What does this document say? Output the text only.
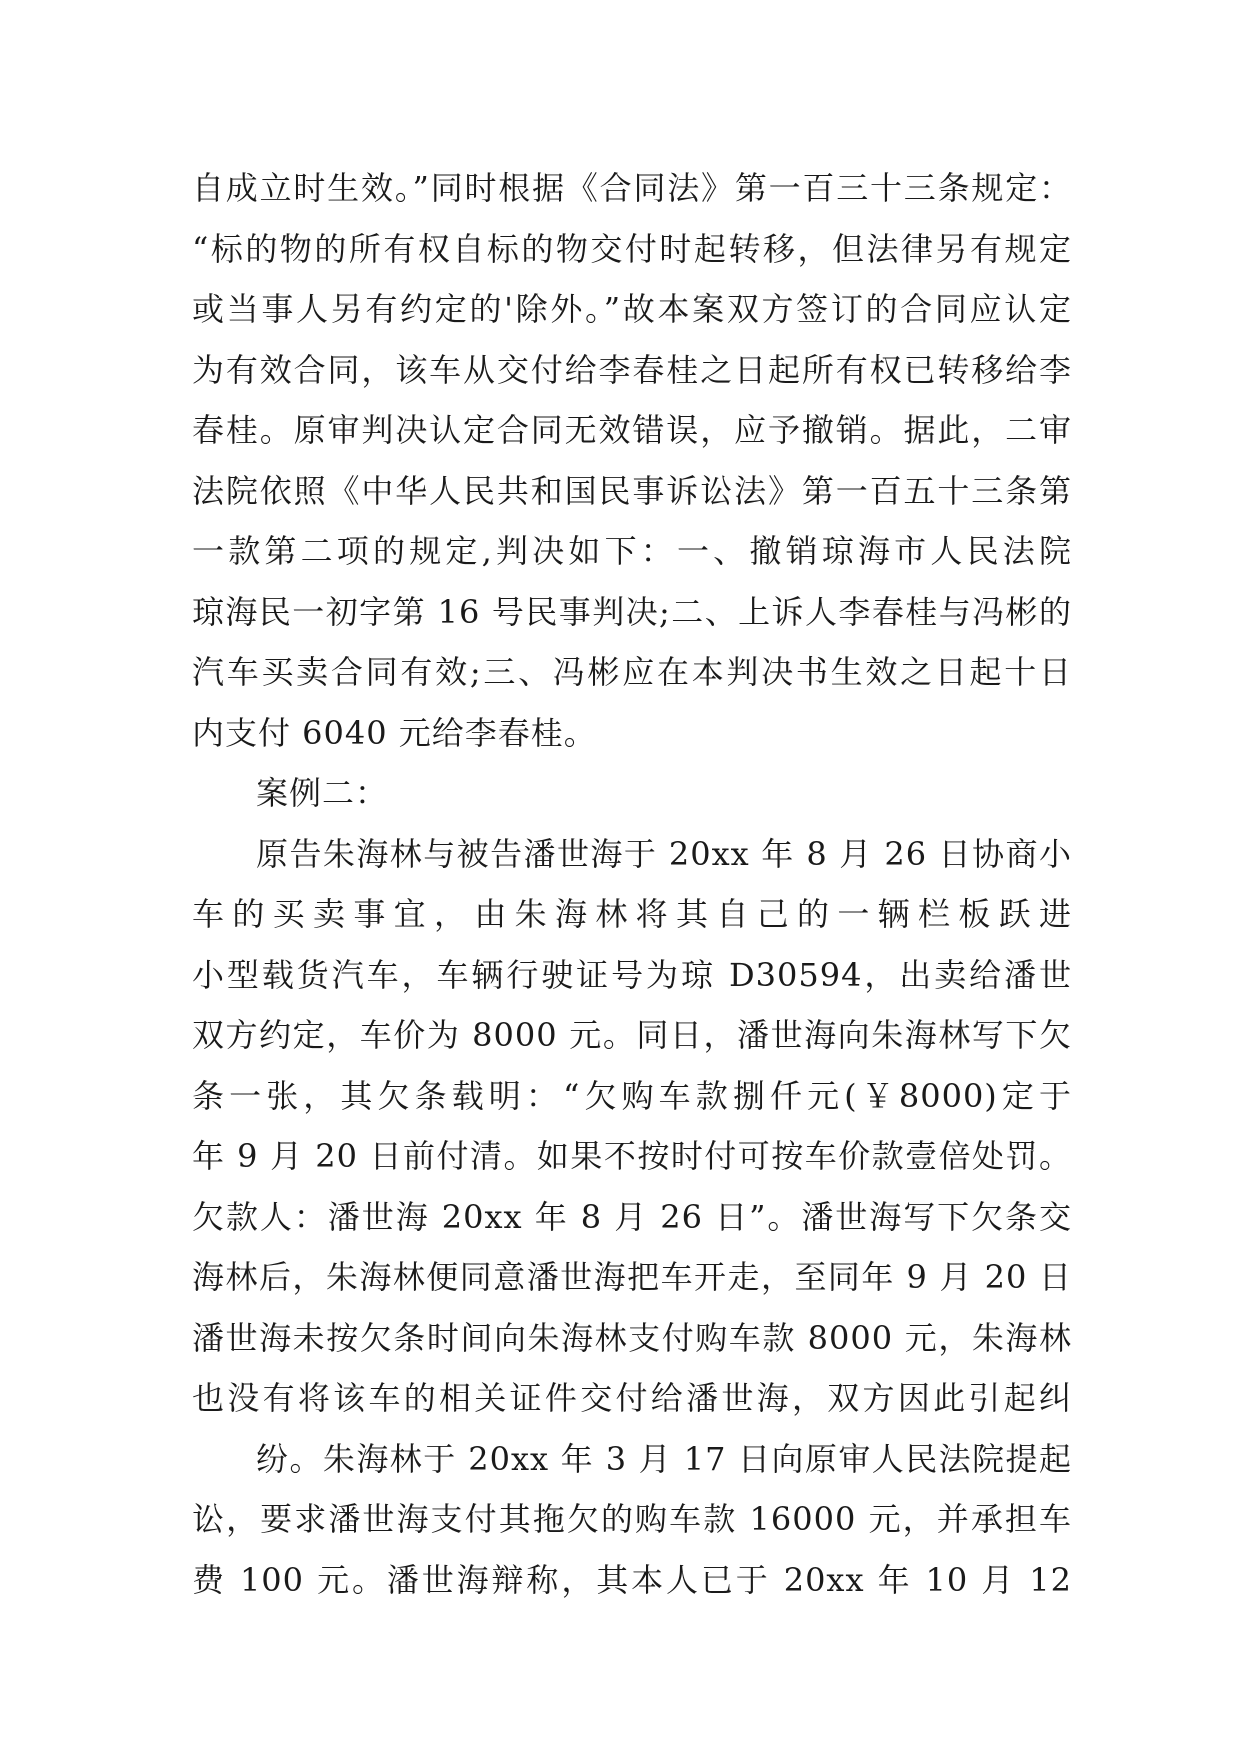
自成立时生效。”同时根据《合同法》第一百三十三条规定：
“标的物的所有权自标的物交付时起转移，但法律另有规定
或当事人另有约定的'除外。”故本案双方签订的合同应认定
为有效合同，该车从交付给李春桂之日起所有权已转移给李
春桂。原审判决认定合同无效错误，应予撤销。据此，二审
法院依照《中华人民共和国民事诉讼法》第一百五十三条第
一款第二项的规定,判决如下：一、撤销琼海市人民法院
琼海民一初字第 16 号民事判决;二、上诉人李春桂与冯彬的
汽车买卖合同有效;三、冯彬应在本判决书生效之日起十日
内支付 6040 元给李春桂。
案例二：
原告朱海林与被告潘世海于 20xx 年 8 月 26 日协商小
车的买卖事宜，由朱海林将其自己的一辆栏板跃进
小型载货汽车，车辆行驶证号为琼 D30594，出卖给潘世
双方约定，车价为 8000 元。同日，潘世海向朱海林写下欠
条一张，其欠条载明：“欠购车款捌仟元(￥8000)定于
年 9 月 20 日前付清。如果不按时付可按车价款壹倍处罚。
欠款人：潘世海 20xx 年 8 月 26 日”。潘世海写下欠条交
海林后，朱海林便同意潘世海把车开走，至同年 9 月 20 日
潘世海未按欠条时间向朱海林支付购车款 8000 元，朱海林
也没有将该车的相关证件交付给潘世海，双方因此引起纠
纷。朱海林于 20xx 年 3 月 17 日向原审人民法院提起
讼，要求潘世海支付其拖欠的购车款 16000 元，并承担车
费 100 元。潘世海辩称，其本人已于 20xx 年 10 月 12
